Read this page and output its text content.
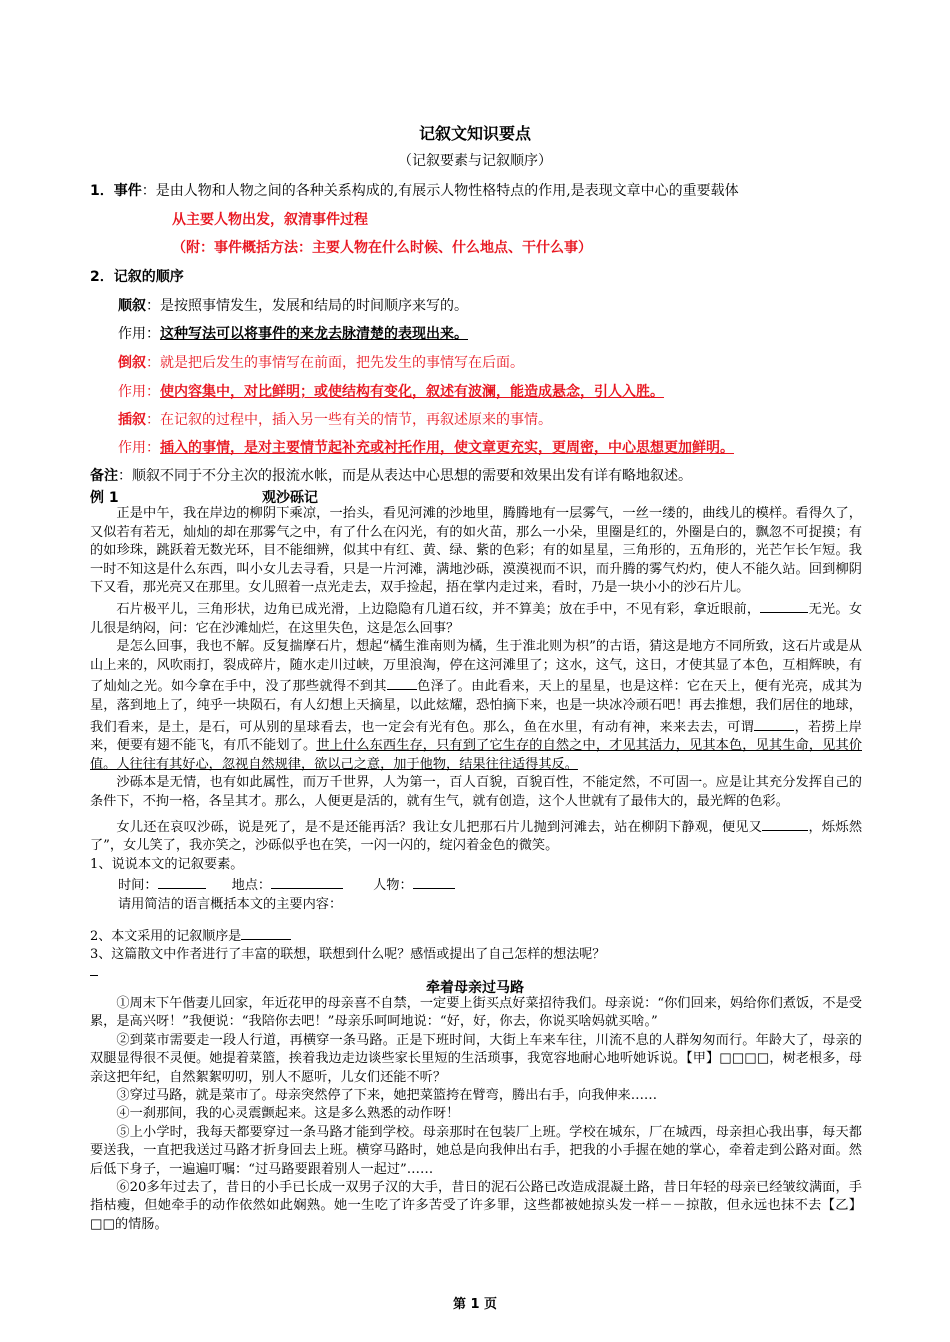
记叙文知识要点
（记叙要素与记叙顺序）
1．事件：是由人物和人物之间的各种关系构成的,有展示人物性格特点的作用,是表现文章中心的重要载体
从主要人物出发，叙清事件过程
（附：事件概括方法：主要人物在什么时候、什么地点、干什么事）
2．记叙的顺序
顺叙：是按照事情发生，发展和结局的时间顺序来写的。
作用：这种写法可以将事件的来龙去脉清楚的表现出来。
倒叙：就是把后发生的事情写在前面，把先发生的事情写在后面。
作用：使内容集中，对比鲜明；或使结构有变化，叙述有波澜，能造成悬念，引人入胜。
插叙：在记叙的过程中，插入另一些有关的情节，再叙述原来的事情。
作用：插入的事情，是对主要情节起补充或衬托作用，使文章更充实，更周密，中心思想更加鲜明。
备注：顺叙不同于不分主次的报流水帐，而是从表达中心思想的需要和效果出发有详有略地叙述。
例 1	观沙砾记

正是中午，我在岸边的柳阴下乘凉，一抬头，看见河滩的沙地里，腾腾地有一层雾气，一丝一缕的，曲线儿的模样。看得久了，又似若有若无，灿灿的却在那雾气之中，有了什么在闪光，有的如火苗，那么一小朵，里圈是红的，外圈是白的，飘忽不可捉摸；有的如珍珠，跳跃着无数光环，目不能细辨，似其中有红、黄、绿、紫的色彩；有的如星星，三角形的，五角形的，光芒乍长乍短。我一时不知这是什么东西，叫小女儿去寻看，只是一片河滩，满地沙砾，漠漠视而不识，而升腾的雾气灼灼，使人不能久站。回到柳阴下又看，那光亮又在那里。女儿照着一点光走去，双手捡起，捂在掌内走过来，看时，乃是一块小小的沙石片儿。

石片极平儿，三角形状，边角已成光滑，上边隐隐有几道石纹，并不算美；放在手中，不见有彩，拿近眼前，	无光。女儿很是纳闷，问：它在沙滩灿烂，在这里失色，这是怎么回事？

是怎么回事，我也不解。反复揣摩石片，想起“橘生淮南则为橘，生于淮北则为枳”的古语，猜这是地方不同所致，这石片或是从山上来的，风吹雨打，裂成碎片，随水走川过峡，万里浪淘，停在这河滩里了；这水，这气，这日，才使其显了本色，互相辉映，有了灿灿之光。如今拿在手中，没了那些就得不到其 色泽了。由此看来，天上的星星，也是这样：它在天上，便有光亮，成其为星，落到地上了，纯乎一块陨石，有人幻想上天摘星，以此炫耀，恐怕摘下来，也是一块冰冷顽石吧！再去推想，我们居住的地球，我们看来，是土，是石，可从别的星球看去，也一定会有光有色。那么，鱼在水里，有动有神，来来去去，可谓	，若捞上岸来，便要有翅不能飞，有爪不能划了。世上什么东西生存，只有到了它生存的自然之中，才见其活力，见其本色，见其生命，见其价值。人往往有其好心，忽视自然规律，欲以己之意，加于他物，结果往往适得其反。

沙砾本是无情，也有如此属性，而万千世界，人为第一，百人百貌，百貌百性，不能定然，不可固一。应是让其充分发挥自己的条件下，不拘一格，各呈其才。那么，人便更是活的，就有生气，就有创造，这个人世就有了最伟大的，最光辉的色彩。

女儿还在哀叹沙砾，说是死了，是不是还能再活？我让女儿把那石片儿抛到河滩去，站在柳阴下静观，便见又	，烁烁然了”，女儿笑了，我亦笑之，沙砾似乎也在笑，一闪一闪的，绽闪着金色的微笑。

1、说说本文的记叙要素。

时间：	地点：	人物：

请用简洁的语言概括本文的主要内容：

2、本文采用的记叙顺序是
3、这篇散文中作者进行了丰富的联想，联想到什么呢？感悟或提出了自己怎样的想法呢？
牵着母亲过马路

①周末下午偕妻儿回家，年近花甲的母亲喜不自禁，一定要上街买点好菜招待我们。母亲说：“你们回来，妈给你们煮饭，不是受累，是高兴呀！”我便说：“我陪你去吧！”母亲乐呵呵地说：“好，好，你去，你说买啥妈就买啥。”

②到菜市需要走一段人行道，再横穿一条马路。正是下班时间，大街上车来车往，川流不息的人群匆匆而行。年龄大了，母亲的双腿显得很不灵便。她提着菜篮，挨着我边走边谈些家长里短的生活琐事，我宽容地耐心地听她诉说。【甲】□□□□，树老根多，母亲这把年纪，自然絮絮叨叨，别人不愿听，儿女们还能不听？

③穿过马路，就是菜市了。母亲突然停了下来，她把菜篮挎在臂弯，腾出右手，向我伸来……

④一刹那间，我的心灵震颤起来。这是多么熟悉的动作呀！

⑤上小学时，我每天都要穿过一条马路才能到学校。母亲那时在包装厂上班。学校在城东，厂在城西，母亲担心我出事，每天都要送我，一直把我送过马路才折身回去上班。横穿马路时，她总是向我伸出右手，把我的小手握在她的掌心，牵着走到公路对面。然后低下身子，一遍遍叮嘱：“过马路要跟着别人一起过”……

⑥20多年过去了，昔日的小手已长成一双男子汉的大手，昔日的泥石公路已改造成混凝土路，昔日年轻的母亲已经皱纹满面，手指枯瘦，但她牵手的动作依然如此娴熟。她一生吃了许多苦受了许多罪，这些都被她掠头发一样－－掠散，但永远也抹不去【乙】□□的情肠。

第 1 页
